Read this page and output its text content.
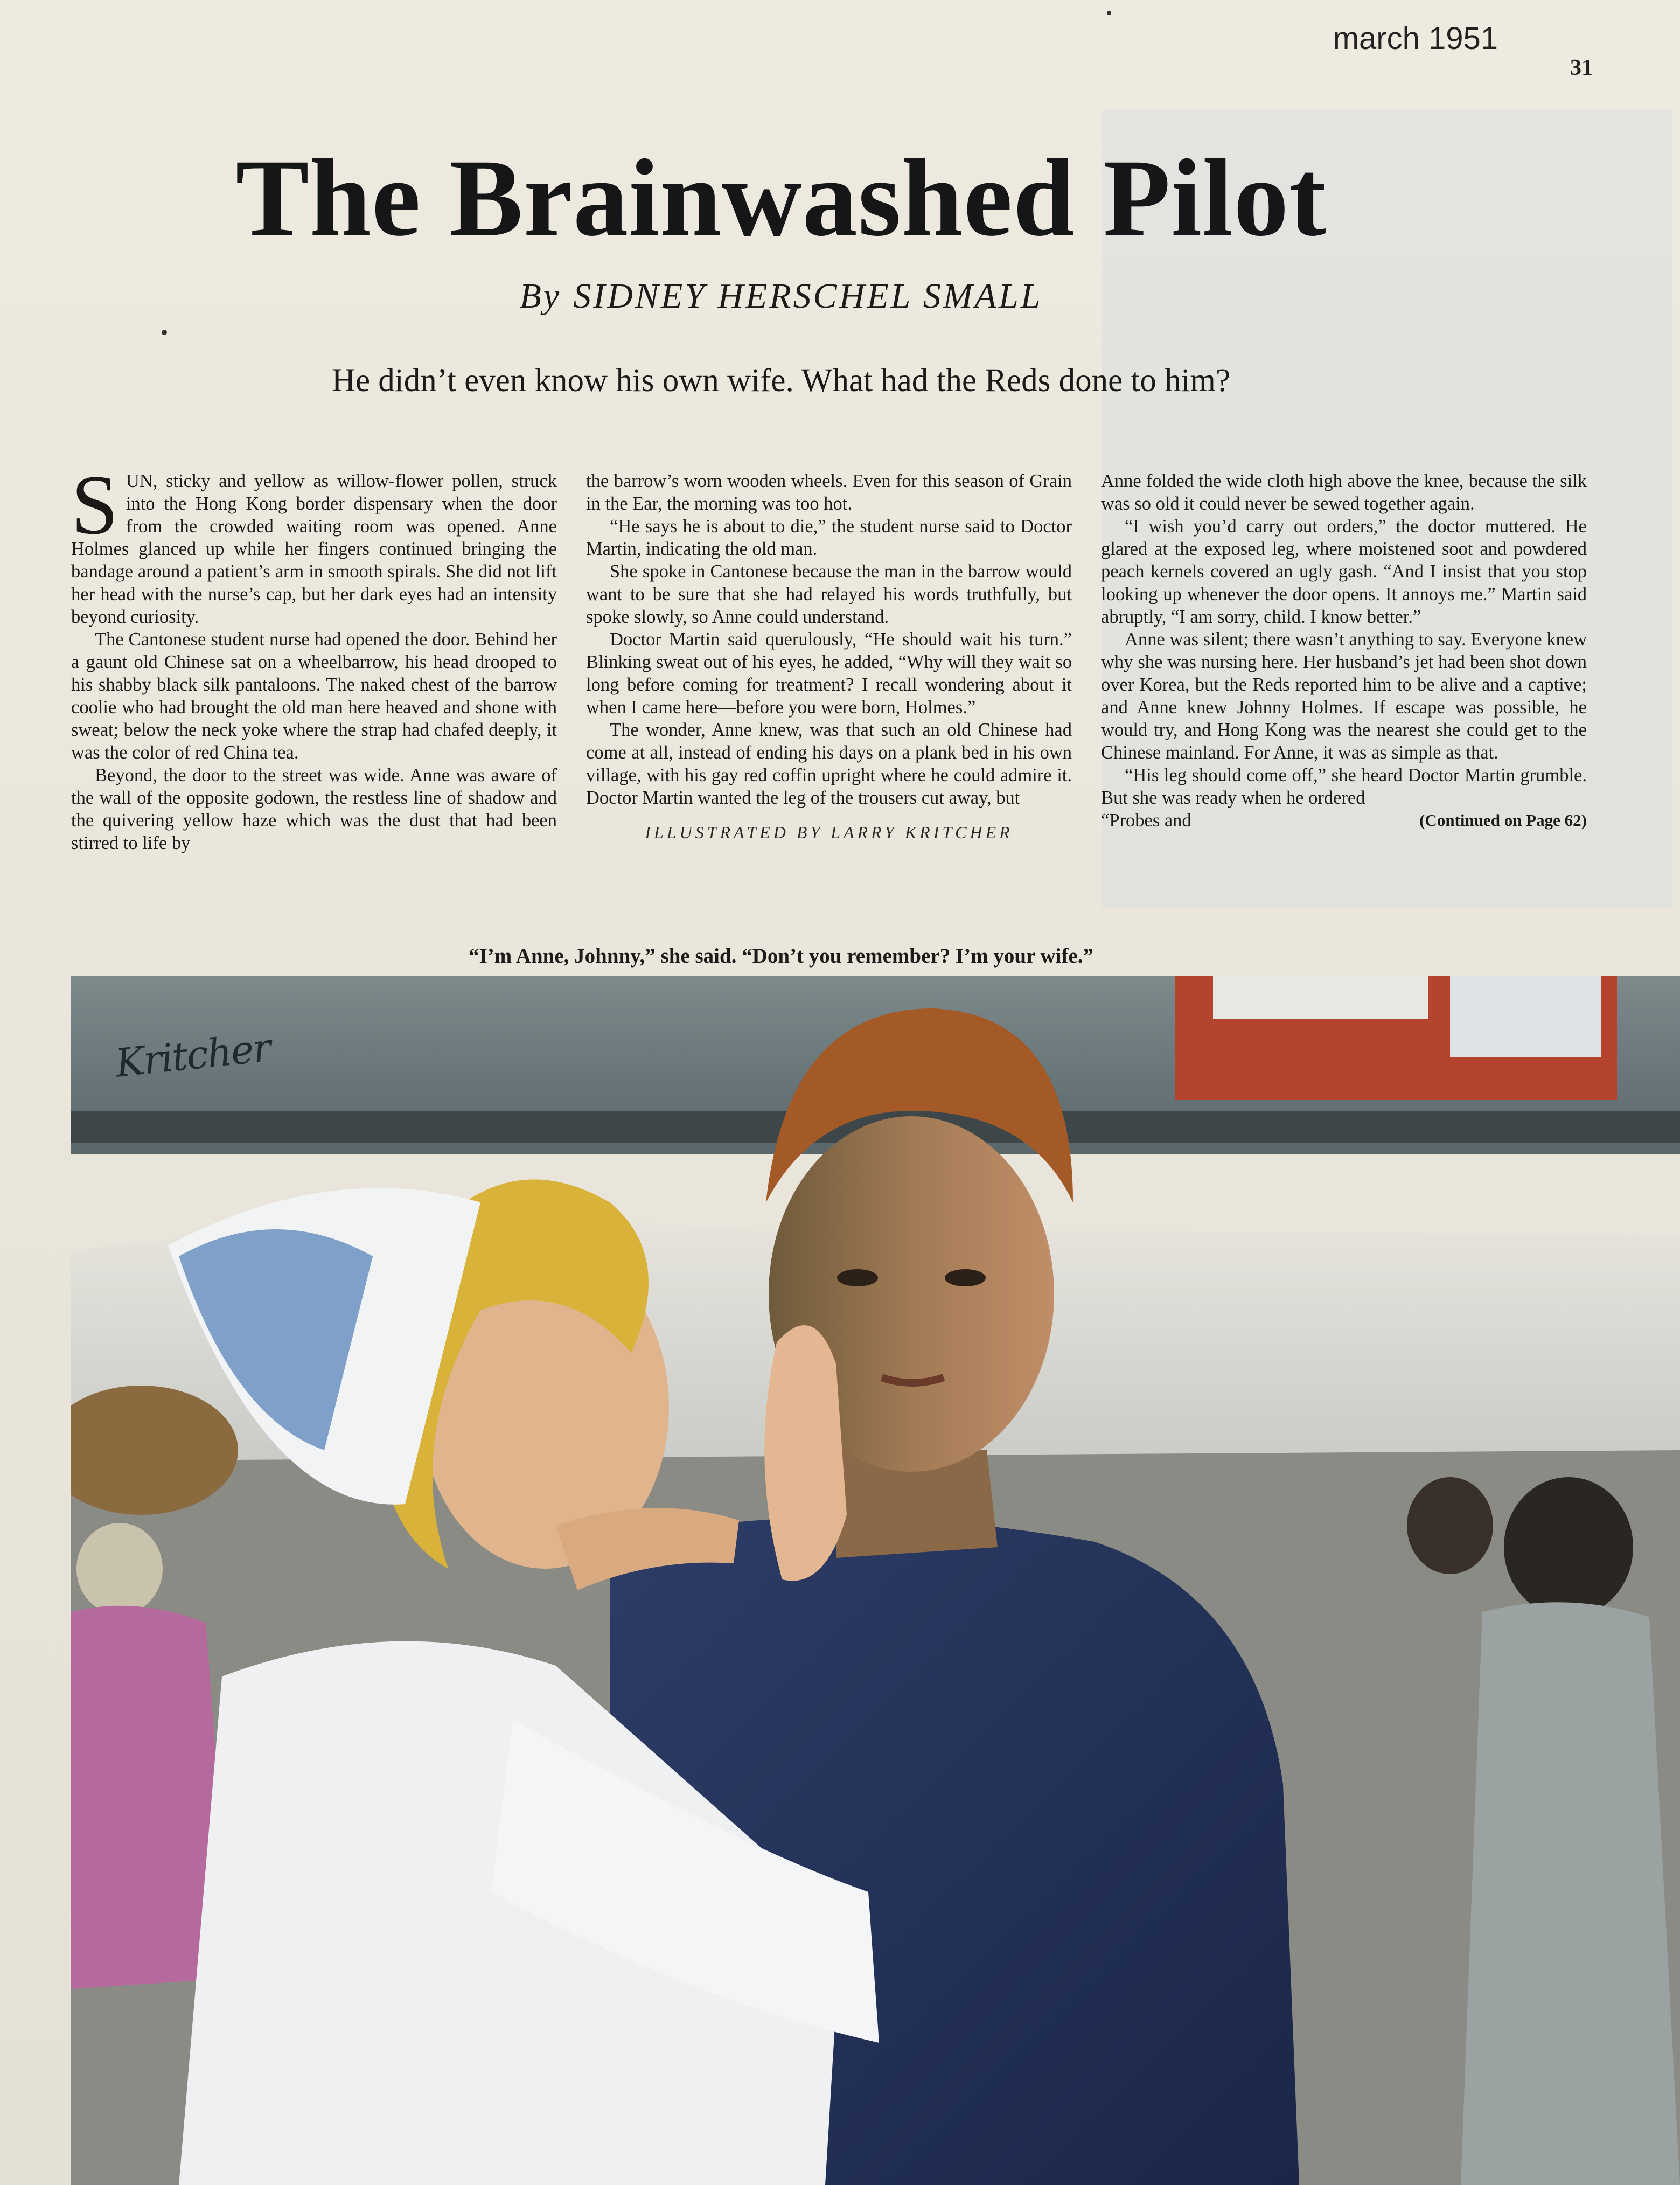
march 1951
31
The Brainwashed Pilot
By SIDNEY HERSCHEL SMALL
He didn’t even know his own wife. What had the Reds done to him?

SUN, sticky and yellow as willow-flower pollen, struck into the Hong Kong border dispensary when the door from the crowded waiting room was opened. Anne Holmes glanced up while her fingers continued bringing the bandage around a patient’s arm in smooth spirals. She did not lift her head with the nurse’s cap, but her dark eyes had an intensity beyond curiosity.

The Cantonese student nurse had opened the door. Behind her a gaunt old Chinese sat on a wheelbarrow, his head drooped to his shabby black silk pantaloons. The naked chest of the barrow coolie who had brought the old man here heaved and shone with sweat; below the neck yoke where the strap had chafed deeply, it was the color of red China tea.

Beyond, the door to the street was wide. Anne was aware of the wall of the opposite godown, the restless line of shadow and the quivering yellow haze which was the dust that had been stirred to life by

the barrow’s worn wooden wheels. Even for this season of Grain in the Ear, the morning was too hot.

“He says he is about to die,” the student nurse said to Doctor Martin, indicating the old man.

She spoke in Cantonese because the man in the barrow would want to be sure that she had relayed his words truthfully, but spoke slowly, so Anne could understand.

Doctor Martin said querulously, “He should wait his turn.” Blinking sweat out of his eyes, he added, “Why will they wait so long before coming for treatment? I recall wondering about it when I came here—before you were born, Holmes.”

The wonder, Anne knew, was that such an old Chinese had come at all, instead of ending his days on a plank bed in his own village, with his gay red coffin upright where he could admire it. Doctor Martin wanted the leg of the trousers cut away, but

ILLUSTRATED BY LARRY KRITCHER

Anne folded the wide cloth high above the knee, because the silk was so old it could never be sewed together again.

“I wish you’d carry out orders,” the doctor muttered. He glared at the exposed leg, where moistened soot and powdered peach kernels covered an ugly gash. “And I insist that you stop looking up whenever the door opens. It annoys me.” Martin said abruptly, “I am sorry, child. I know better.”

Anne was silent; there wasn’t anything to say. Everyone knew why she was nursing here. Her husband’s jet had been shot down over Korea, but the Reds reported him to be alive and a captive; and Anne knew Johnny Holmes. If escape was possible, he would try, and Hong Kong was the nearest she could get to the Chinese mainland. For Anne, it was as simple as that.

“His leg should come off,” she heard Doctor Martin grumble. But she was ready when he ordered

“Probes and	(Continued on Page 62)
“I’m Anne, Johnny,” she said. “Don’t you remember? I’m your wife.”
Kritcher
